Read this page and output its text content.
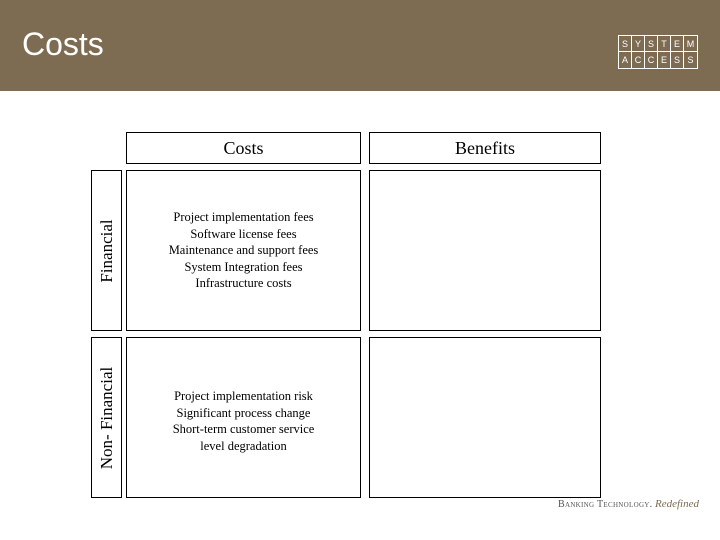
Costs	S Y S T E M
A C C E S S
Costs	Benefits
Financial
Non- Financial
Project implementation fees
Software license fees
Maintenance and support fees
System Integration fees
Infrastructure costs
Project implementation risk
Significant process change
Short-term customer service
level degradation
Banking Technology. Redefined
